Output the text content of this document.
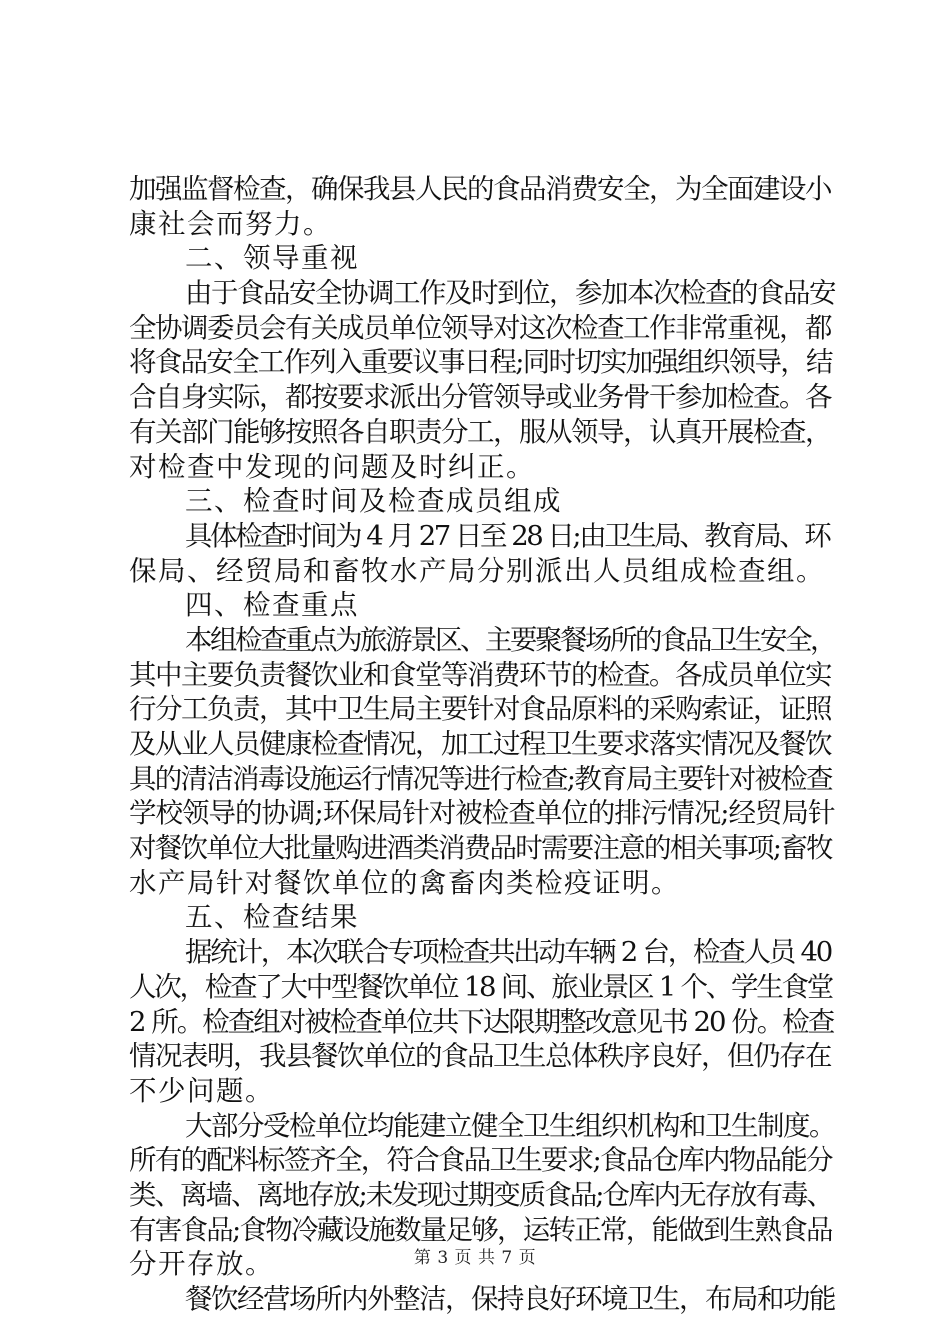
加强监督检查，确保我县人民的食品消费安全，为全面建设小
康社会而努力。
二、领导重视
由于食品安全协调工作及时到位，参加本次检查的食品安
全协调委员会有关成员单位领导对这次检查工作非常重视，都
将食品安全工作列入重要议事日程;同时切实加强组织领导，结
合自身实际，都按要求派出分管领导或业务骨干参加检查。各
有关部门能够按照各自职责分工，服从领导，认真开展检查，
对检查中发现的问题及时纠正。
三、检查时间及检查成员组成
具体检查时间为 4 月 27 日至 28 日;由卫生局、教育局、环
保局、经贸局和畜牧水产局分别派出人员组成检查组。
四、检查重点
本组检查重点为旅游景区、主要聚餐场所的食品卫生安全，
其中主要负责餐饮业和食堂等消费环节的检查。各成员单位实
行分工负责，其中卫生局主要针对食品原料的采购索证，证照
及从业人员健康检查情况，加工过程卫生要求落实情况及餐饮
具的清洁消毒设施运行情况等进行检查;教育局主要针对被检查
学校领导的协调;环保局针对被检查单位的排污情况;经贸局针
对餐饮单位大批量购进酒类消费品时需要注意的相关事项;畜牧
水产局针对餐饮单位的禽畜肉类检疫证明。
五、检查结果
据统计，本次联合专项检查共出动车辆 2 台，检查人员 40
人次，检查了大中型餐饮单位 18 间、旅业景区 1 个、学生食堂
2 所。检查组对被检查单位共下达限期整改意见书 20 份。检查
情况表明，我县餐饮单位的食品卫生总体秩序良好，但仍存在
不少问题。
大部分受检单位均能建立健全卫生组织机构和卫生制度。
所有的配料标签齐全，符合食品卫生要求;食品仓库内物品能分
类、离墙、离地存放;未发现过期变质食品;仓库内无存放有毒、
有害食品;食物冷藏设施数量足够，运转正常，能做到生熟食品
分开存放。
餐饮经营场所内外整洁，保持良好环境卫生，布局和功能
第 3 页 共 7 页
